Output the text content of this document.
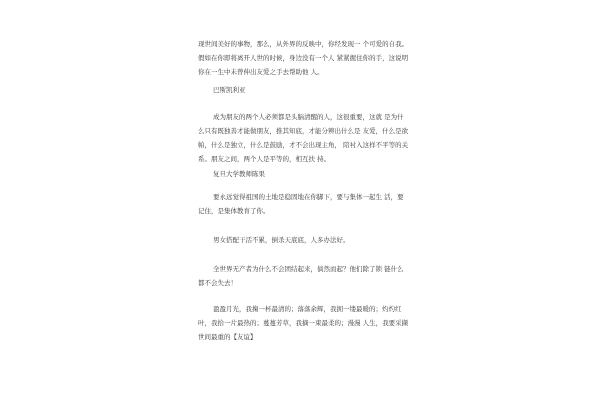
现世间美好的事物，那么，从外界的反映中，你经发现一 个可爱的自我。
假如在你即将离开人世的时候，身边没有一个人 紧紧握住你的手，这说明
你在一生中未曾伸出友爱之手去帮助他 人。
巴斯凯利亚
成为朋友的两个人必须都是头脑清醒的人，这很重要，这就 是为什
么只有既独善才能做朋友，推其知底，才能分辨出什么是 友爱，什么是欲
帕，什么是独立，什么是鼓励，才不会出现主角， 陪衬入这样不平等的关
系。朋友之间，两个人是平等的，相互扶 持。
复旦大学教师陈果
要永远觉得祖国的土地是稳固地在你脚下，要与集体一起生 活，要
记住，是集体教育了你。
男女搭配干活不累，倒杀天底底，人多办法好。
全世界无产者为什么不会团结起来，倘然而起？他们除了锁 链什么
都不会失去！
盈盈月光，我掬一杯最清的；落落余辉，我拥一缕最暖的；灼灼红
叶，我拾一片最热的；蔓蔓芳草，我摘一束最柔的；漫漫 人生，我要采撷
世间最重的【友谊】
